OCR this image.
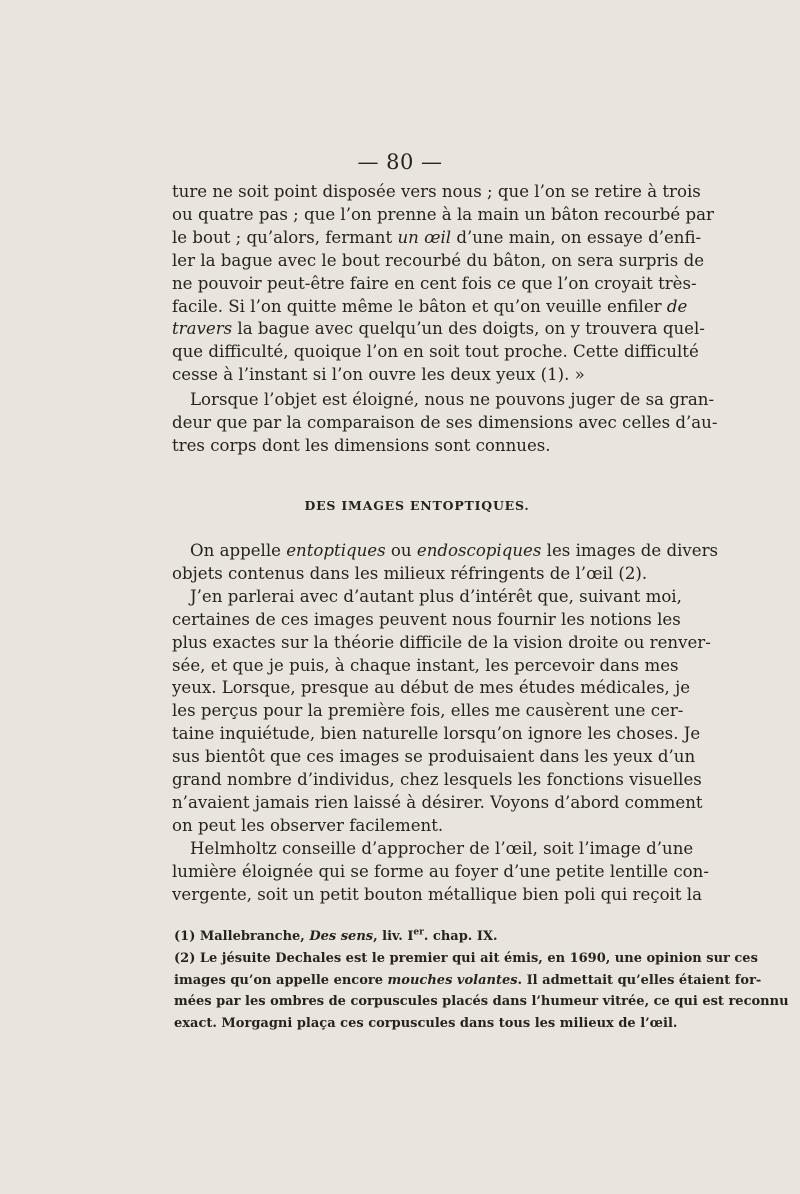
— 80 —
ture ne soit point disposée vers nous ; que l’on se retire à trois
ou quatre pas ; que l’on prenne à la main un bâton recourbé par
le bout ; qu’alors, fermant un œil d’une main, on essaye d’enfi-
ler la bague avec le bout recourbé du bâton, on sera surpris de
ne pouvoir peut-être faire en cent fois ce que l’on croyait très-
facile. Si l’on quitte même le bâton et qu’on veuille enfiler de
travers la bague avec quelqu’un des doigts, on y trouvera quel-
que difficulté, quoique l’on en soit tout proche. Cette difficulté
cesse à l’instant si l’on ouvre les deux yeux (1). »
Lorsque l’objet est éloigné, nous ne pouvons juger de sa gran-
deur que par la comparaison de ses dimensions avec celles d’au-
tres corps dont les dimensions sont connues.
DES IMAGES ENTOPTIQUES.
On appelle entoptiques ou endoscopiques les images de divers
objets contenus dans les milieux réfringents de l’œil (2).
J’en parlerai avec d’autant plus d’intérêt que, suivant moi,
certaines de ces images peuvent nous fournir les notions les
plus exactes sur la théorie difficile de la vision droite ou renver-
sée, et que je puis, à chaque instant, les percevoir dans mes
yeux. Lorsque, presque au début de mes études médicales, je
les perçus pour la première fois, elles me causèrent une cer-
taine inquiétude, bien naturelle lorsqu’on ignore les choses. Je
sus bientôt que ces images se produisaient dans les yeux d’un
grand nombre d’individus, chez lesquels les fonctions visuelles
n’avaient jamais rien laissé à désirer. Voyons d’abord comment
on peut les observer facilement.
Helmholtz conseille d’approcher de l’œil, soit l’image d’une
lumière éloignée qui se forme au foyer d’une petite lentille con-
vergente, soit un petit bouton métallique bien poli qui reçoit la
(1) Mallebranche, Des sens, liv. Ier. chap. IX.
(2) Le jésuite Dechales est le premier qui ait émis, en 1690, une opinion sur ces
images qu’on appelle encore mouches volantes. Il admettait qu’elles étaient for-
mées par les ombres de corpuscules placés dans l’humeur vitrée, ce qui est reconnu
exact. Morgagni plaça ces corpuscules dans tous les milieux de l’œil.
